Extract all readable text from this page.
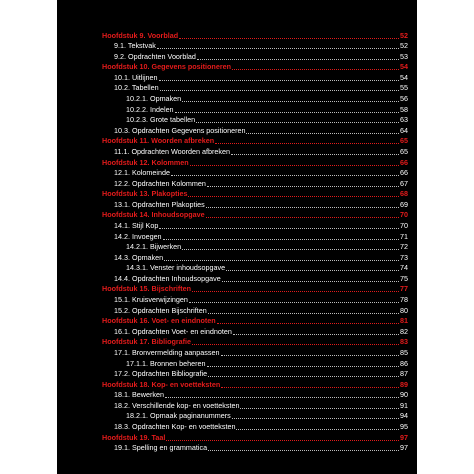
Hoofdstuk 9. Voorblad	52
9.1. Tekstvak	52
9.2. Opdrachten Voorblad	53
Hoofdstuk 10. Gegevens positioneren	54
10.1. Uitlijnen	54
10.2. Tabellen	55
10.2.1. Opmaken	56
10.2.2. Indelen	58
10.2.3. Grote tabellen	63
10.3. Opdrachten Gegevens positioneren	64
Hoofdstuk 11. Woorden afbreken	65
11.1. Opdrachten Woorden afbreken	65
Hoofdstuk 12. Kolommen	66
12.1. Kolomeinde	66
12.2. Opdrachten Kolommen	67
Hoofdstuk 13. Plakopties	68
13.1. Opdrachten Plakopties	69
Hoofdstuk 14. Inhoudsopgave	70
14.1. Stijl Kop	70
14.2. Invoegen	71
14.2.1. Bijwerken	72
14.3. Opmaken	73
14.3.1. Venster inhoudsopgave	74
14.4. Opdrachten Inhoudsopgave	75
Hoofdstuk 15. Bijschriften	77
15.1. Kruisverwijzingen	78
15.2. Opdrachten Bijschriften	80
Hoofdstuk 16. Voet- en eindnoten	81
16.1. Opdrachten Voet- en eindnoten	82
Hoofdstuk 17. Bibliografie	83
17.1. Bronvermelding aanpassen	85
17.1.1. Bronnen beheren	86
17.2. Opdrachten Bibliografie	87
Hoofdstuk 18. Kop- en voetteksten	89
18.1. Bewerken	90
18.2. Verschillende kop- en voetteksten	91
18.2.1. Opmaak paginanummers	94
18.3. Opdrachten Kop- en voetteksten	95
Hoofdstuk 19. Taal	97
19.1. Spelling en grammatica	97
